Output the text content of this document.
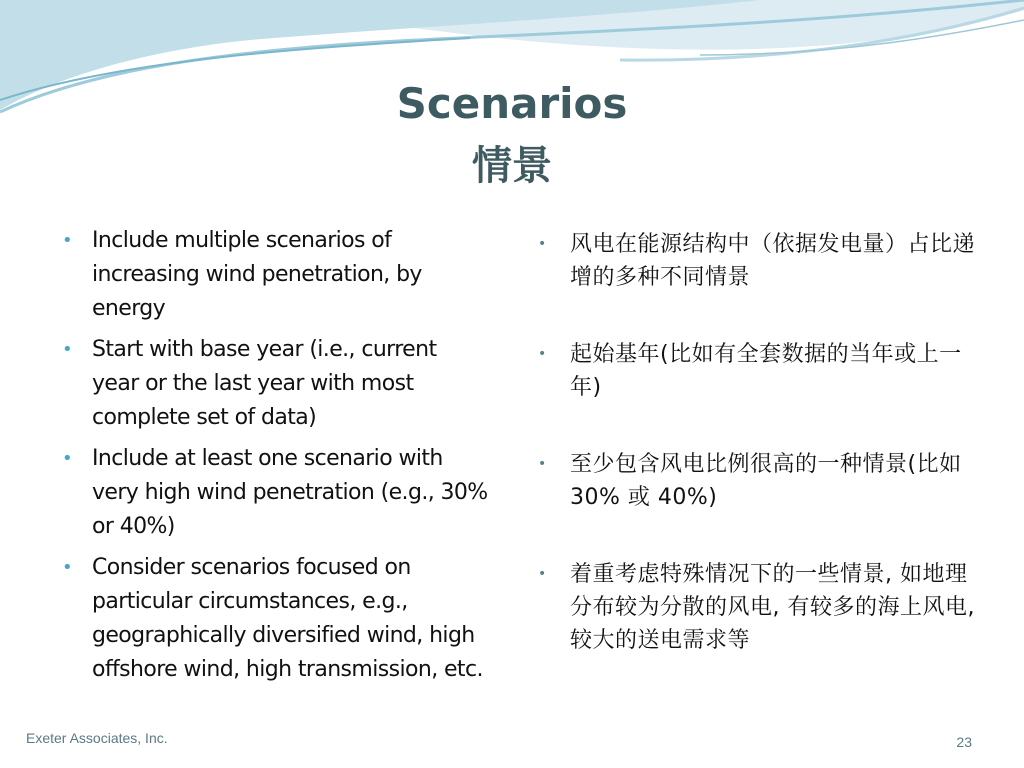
Scenarios
情景
• Include multiple scenarios of increasing wind penetration, by energy
• Start with base year (i.e., current year or the last year with most complete set of data)
• Include at least one scenario with very high wind penetration (e.g., 30% or 40%)
• Consider scenarios focused on particular circumstances, e.g., geographically diversified wind, high offshore wind, high transmission, etc.
• 风电在能源结构中（依据发电量）占比递增的多种不同情景
• 起始基年(比如有全套数据的当年或上一年)
• 至少包含风电比例很高的一种情景(比如30% 或 40%)
• 着重考虑特殊情况下的一些情景, 如地理分布较为分散的风电, 有较多的海上风电,较大的送电需求等
Exeter Associates, Inc.	23
